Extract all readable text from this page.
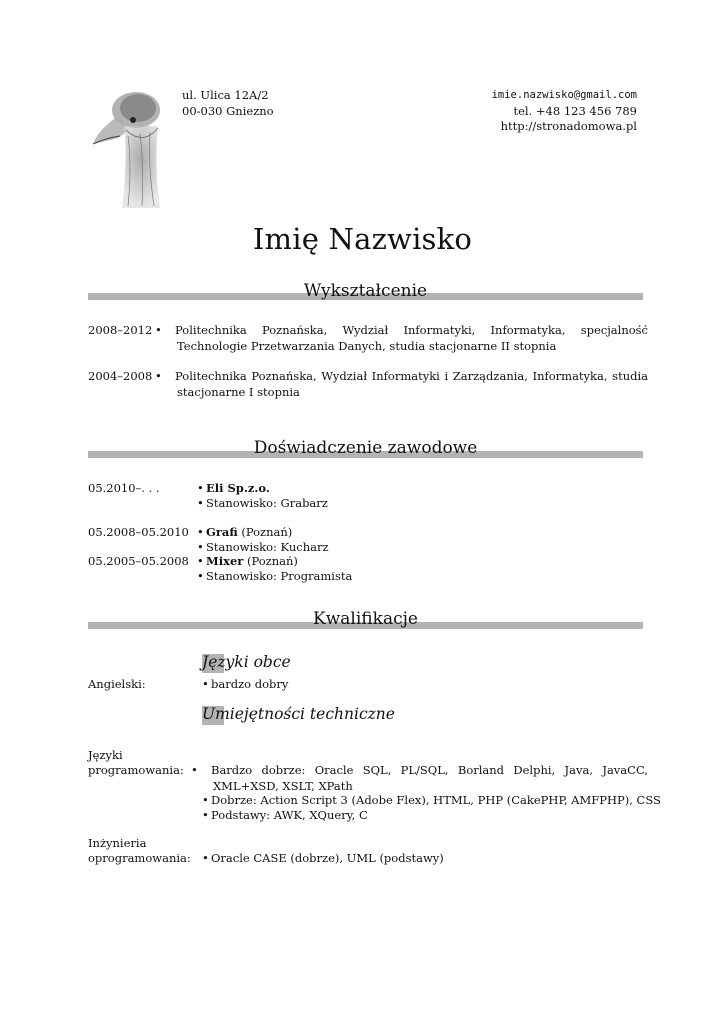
ul. Ulica 12A/2
00-030 Gniezno
imie.nazwisko@gmail.com
tel. +48 123 456 789
http://stronadomowa.pl
Imię Nazwisko
Wykształcenie
2008–2012 •	Politechnika Poznańska, Wydział Informatyki, Informatyka, specjalność Technologie Przetwarzania Danych, studia stacjonarne II stopnia
2004–2008 •	Politechnika Poznańska, Wydział Informatyki i Zarządzania, Informatyka, studia stacjonarne I stopnia
Doświadczenie zawodowe
05.2010–. . . •	Eli Sp.z.o.
• Stanowisko: Grabarz
05.2008–05.2010 •	Grafi (Poznań)
• Stanowisko: Kucharz
05.2005–05.2008 •	Mixer (Poznań)
• Stanowisko: Programista
Kwalifikacje
Języki obce
Angielski: •	bardzo dobry
Umiejętności techniczne
Języki
programowania: •	Bardzo dobrze: Oracle SQL, PL/SQL, Borland Delphi, Java, JavaCC, XML+XSD, XSLT, XPath
• Dobrze: Action Script 3 (Adobe Flex), HTML, PHP (CakePHP, AMFPHP), CSS
• Podstawy: AWK, XQuery, C
Inżynieria
oprogramowania: •	Oracle CASE (dobrze), UML (podstawy)
